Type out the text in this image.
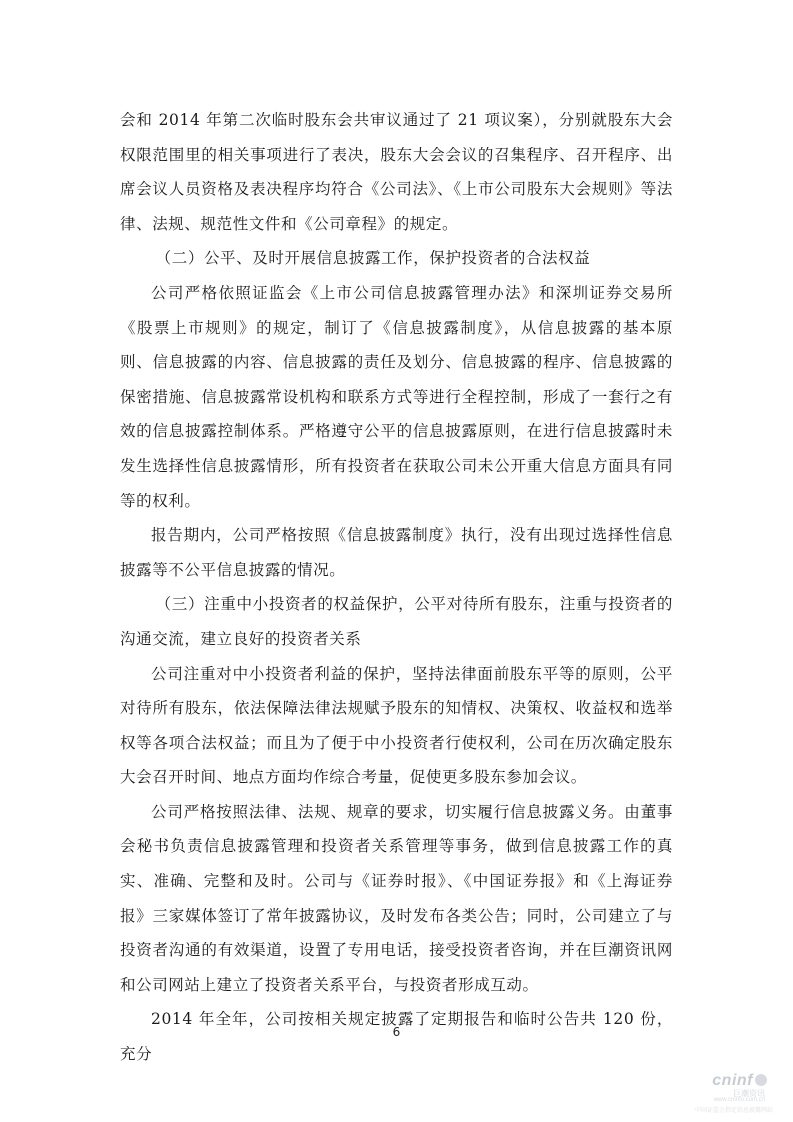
会和 2014 年第二次临时股东会共审议通过了 21 项议案），分别就股东大会权限范围里的相关事项进行了表决，股东大会会议的召集程序、召开程序、出席会议人员资格及表决程序均符合《公司法》、《上市公司股东大会规则》等法律、法规、规范性文件和《公司章程》的规定。

（二）公平、及时开展信息披露工作，保护投资者的合法权益

公司严格依照证监会《上市公司信息披露管理办法》和深圳证券交易所《股票上市规则》的规定，制订了《信息披露制度》，从信息披露的基本原则、信息披露的内容、信息披露的责任及划分、信息披露的程序、信息披露的保密措施、信息披露常设机构和联系方式等进行全程控制，形成了一套行之有效的信息披露控制体系。严格遵守公平的信息披露原则，在进行信息披露时未发生选择性信息披露情形，所有投资者在获取公司未公开重大信息方面具有同等的权利。

报告期内，公司严格按照《信息披露制度》执行，没有出现过选择性信息披露等不公平信息披露的情况。

（三）注重中小投资者的权益保护，公平对待所有股东，注重与投资者的沟通交流，建立良好的投资者关系

公司注重对中小投资者利益的保护，坚持法律面前股东平等的原则，公平对待所有股东，依法保障法律法规赋予股东的知情权、决策权、收益权和选举权等各项合法权益；而且为了便于中小投资者行使权利，公司在历次确定股东大会召开时间、地点方面均作综合考量，促使更多股东参加会议。

公司严格按照法律、法规、规章的要求，切实履行信息披露义务。由董事会秘书负责信息披露管理和投资者关系管理等事务，做到信息披露工作的真实、准确、完整和及时。公司与《证券时报》、《中国证券报》和《上海证券报》三家媒体签订了常年披露协议，及时发布各类公告；同时，公司建立了与投资者沟通的有效渠道，设置了专用电话，接受投资者咨询，并在巨潮资讯网和公司网站上建立了投资者关系平台，与投资者形成互动。

2014 年全年，公司按相关规定披露了定期报告和临时公告共 120 份，充分

6
cninf
巨潮资讯
www.cninfo.com.cn
中国证监会指定信息披露网站
